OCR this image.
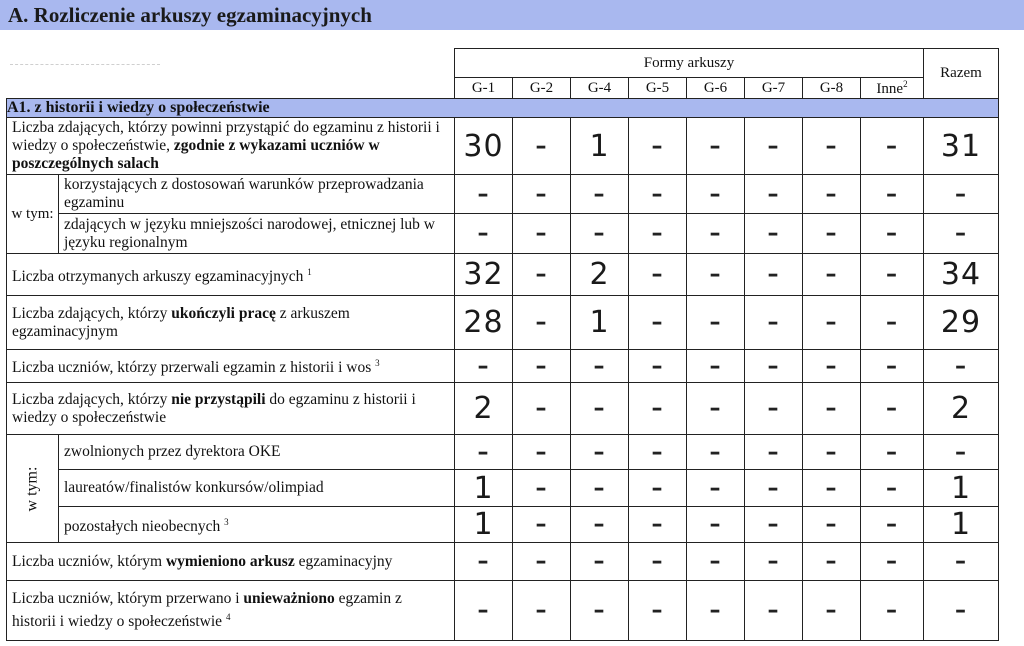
A. Rozliczenie arkuszy egzaminacyjnych
		Formy arkuszy								Razem
		G-1	G-2	G-4	G-5	G-6	G-7	G-8	Inne$^2$
A1. z historii i wiedzy o społeczeństwie										
Liczba zdających, którzy powinni przystąpić do egzaminu z historii i wiedzy o społeczeństwie, zgodnie z wykazami uczniów w poszczególnych salach		30	–	1	–	–	–	–	–	31
w tym:	korzystających z dostosowań warunków przeprowadzania egzaminu	–	–	–	–	–	–	–	–	–
	zdających w języku mniejszości narodowej, etnicznej lub w języku regionalnym	–	–	–	–	–	–	–	–	–
Liczba otrzymanych arkuszy egzaminacyjnych $^1$		32	–	2	–	–	–	–	–	34
Liczba zdających, którzy ukończyli pracę z arkuszem egzaminacyjnym		28	–	1	–	–	–	–	–	29
Liczba uczniów, którzy przerwali egzamin z historii i wos $^3$		–	–	–	–	–	–	–	–	–
Liczba zdających, którzy nie przystąpili do egzaminu z historii i wiedzy o społeczeństwie		2	–	–	–	–	–	–	–	2
w tym:	zwolnionych przez dyrektora OKE	–	–	–	–	–	–	–	–	–
	laureatów/finalistów konkursów/olimpiad	1	–	–	–	–	–	–	–	1
	pozostałych nieobecnych $^3$	1	–	–	–	–	–	–	–	1
Liczba uczniów, którym wymieniono arkusz egzaminacyjny		–	–	–	–	–	–	–	–	–
Liczba uczniów, którym przerwano i unieważniono egzamin z historii i wiedzy o społeczeństwie $^4$		–	–	–	–	–	–	–	–	–
